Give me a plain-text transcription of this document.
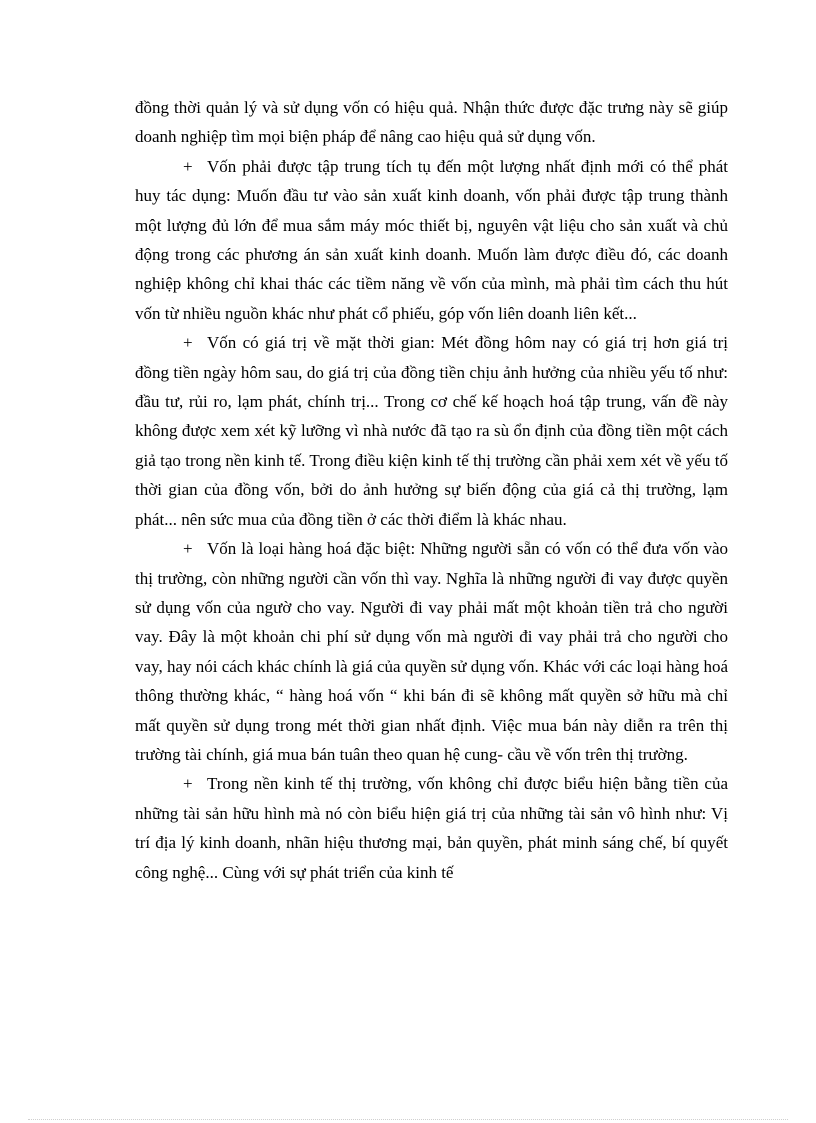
đồng thời quản lý và sử dụng vốn có hiệu quả. Nhận thức được đặc trưng này sẽ giúp doanh nghiệp tìm mọi biện pháp để nâng cao hiệu quả sử dụng vốn.

+ Vốn phải được tập trung tích tụ đến một lượng nhất định mới có thể phát huy tác dụng: Muốn đầu tư vào sản xuất kinh doanh, vốn phải được tập trung thành một lượng đủ lớn để mua sắm máy móc thiết bị, nguyên vật liệu cho sản xuất và chủ động trong các phương án sản xuất kinh doanh. Muốn làm được điều đó, các doanh nghiệp không chỉ khai thác các tiềm năng về vốn của mình, mà phải tìm cách thu hút vốn từ nhiều nguồn khác như phát cổ phiếu, góp vốn liên doanh liên kết...

+ Vốn có giá trị về mặt thời gian: Mét đồng hôm nay có giá trị hơn giá trị đồng tiền ngày hôm sau, do giá trị của đồng tiền chịu ảnh hưởng của nhiều yếu tố như: đầu tư, rủi ro, lạm phát, chính trị... Trong cơ chế kế hoạch hoá tập trung, vấn đề này không được xem xét kỹ lưỡng vì nhà nước đã tạo ra sù ổn định của đồng tiền một cách giả tạo trong nền kinh tế. Trong điều kiện kinh tế thị trường cần phải xem xét về yếu tố thời gian của đồng vốn, bởi do ảnh hưởng sự biến động của giá cả thị trường, lạm phát... nên sức mua của đồng tiền ở các thời điểm là khác nhau.

+ Vốn là loại hàng hoá đặc biệt: Những người sẵn có vốn có thể đưa vốn vào thị trường, còn những người cần vốn thì vay. Nghĩa là những người đi vay được quyền sử dụng vốn của ngườ cho vay. Người đi vay phải mất một khoản tiền trả cho người vay. Đây là một khoản chi phí sử dụng vốn mà người đi vay phải trả cho người cho vay, hay nói cách khác chính là giá của quyền sử dụng vốn. Khác với các loại hàng hoá thông thường khác, “ hàng hoá vốn “ khi bán đi sẽ không mất quyền sở hữu mà chỉ mất quyền sử dụng trong mét thời gian nhất định. Việc mua bán này diễn ra trên thị trường tài chính, giá mua bán tuân theo quan hệ cung- cầu về vốn trên thị trường.

+ Trong nền kinh tế thị trường, vốn không chỉ được biểu hiện bằng tiền của những tài sản hữu hình mà nó còn biểu hiện giá trị của những tài sản vô hình như: Vị trí địa lý kinh doanh, nhãn hiệu thương mại, bản quyền, phát minh sáng chế, bí quyết công nghệ... Cùng với sự phát triển của kinh tế
